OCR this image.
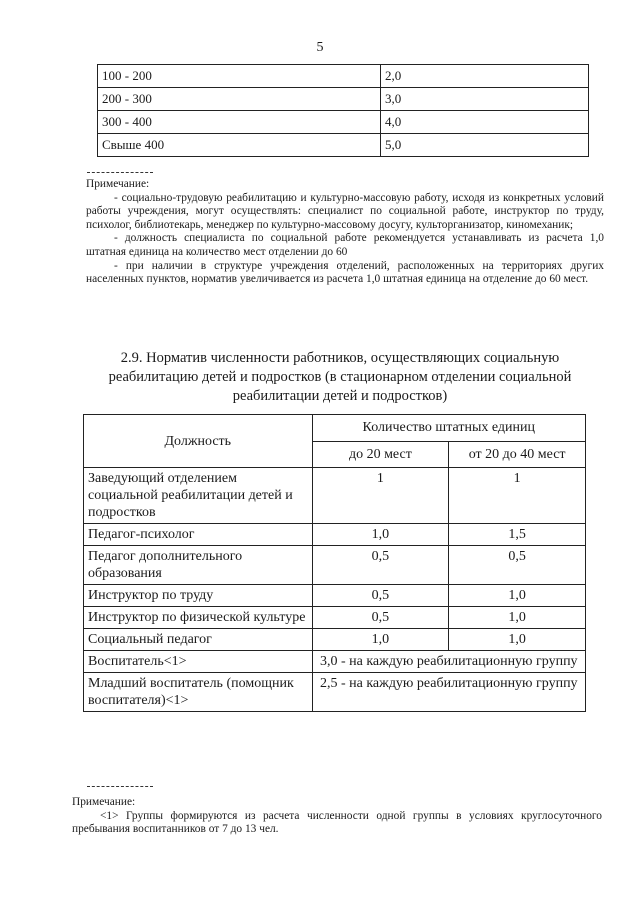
5
100 - 200	2,0
200 - 300	3,0
300 - 400	4,0
Свыше 400	5,0

Примечание:

- социально-трудовую реабилитацию и культурно-массовую работу, исходя из конкретных условий работы учреждения, могут осуществлять: специалист по социальной работе, инструктор по труду, психолог, библиотекарь, менеджер по культурно-массовому досугу, культорганизатор, киномеханик;

- должность специалиста по социальной работе рекомендуется устанавливать из расчета 1,0 штатная единица на количество мест отделении до 60

- при наличии в структуре учреждения отделений, расположенных на территориях других населенных пунктов, норматив увеличивается из расчета 1,0 штатная единица на отделение до 60 мест.

2.9. Норматив численности работников, осуществляющих социальную реабилитацию детей и подростков (в стационарном отделении социальной реабилитации детей и подростков)
Должность	Количество штатных единиц	
	до 20 мест	от 20 до 40 мест
Заведующий отделением социальной реабилитации детей и подростков	1	1
Педагог-психолог	1,0	1,5
Педагог дополнительного образования	0,5	0,5
Инструктор по труду	0,5	1,0
Инструктор по физической культуре	0,5	1,0
Социальный педагог	1,0	1,0
Воспитатель<1>	3,0 - на каждую реабилитационную группу	
Младший воспитатель (помощник воспитателя)<1>	2,5 - на каждую реабилитационную группу	

Примечание:

<1> Группы формируются из расчета численности одной группы в условиях круглосуточного пребывания воспитанников от 7 до 13 чел.
